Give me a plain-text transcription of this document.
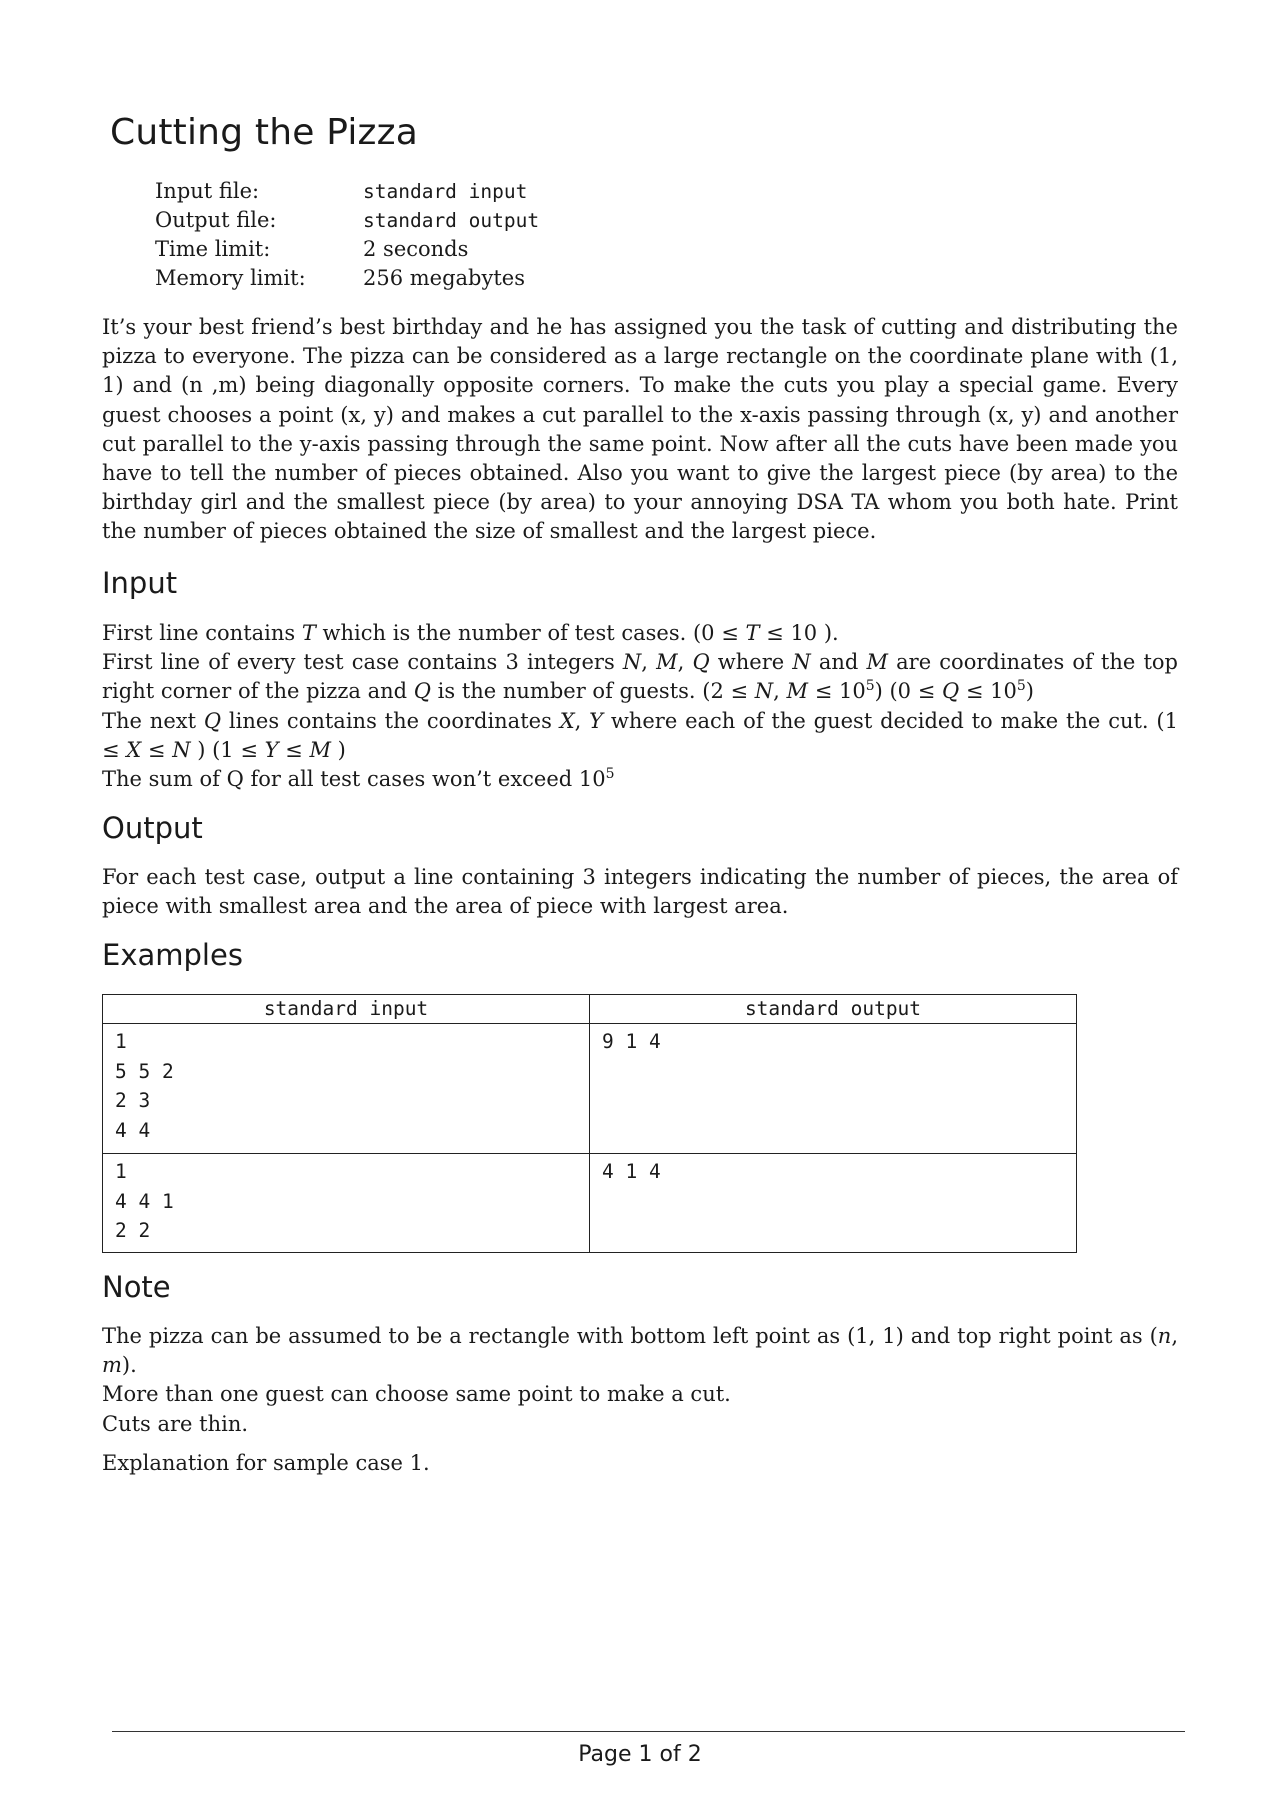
Cutting the Pizza
Input file:	standard input
Output file:	standard output
Time limit:	2 seconds
Memory limit:	256 megabytes

It’s your best friend’s best birthday and he has assigned you the task of cutting and distributing the pizza to everyone. The pizza can be considered as a large rectangle on the coordinate plane with (1, 1) and (n ,m) being diagonally opposite corners. To make the cuts you play a special game. Every guest chooses a point (x, y) and makes a cut parallel to the x-axis passing through (x, y) and another cut parallel to the y-axis passing through the same point. Now after all the cuts have been made you have to tell the number of pieces obtained. Also you want to give the largest piece (by area) to the birthday girl and the smallest piece (by area) to your annoying DSA TA whom you both hate. Print the number of pieces obtained the size of smallest and the largest piece.

Input
First line contains T which is the number of test cases. (0 ≤ T ≤ 10 ).
First line of every test case contains 3 integers N, M, Q where N and M are coordinates of the top right corner of the pizza and Q is the number of guests. (2 ≤ N, $M \le 10^5$) $(0 \le Q \le 10^5)$
The next Q lines contains the coordinates X, Y where each of the guest decided to make the cut. (1 ≤ X ≤ N ) (1 ≤ Y ≤ M )
The sum of Q for all test cases won’t exceed $10^5$
Output

For each test case, output a line containing 3 integers indicating the number of pieces, the area of piece with smallest area and the area of piece with largest area.

Examples
standard input	standard output

1
5 5 2
2 3
4 4	9 1 4

1
4 4 1
2 2	4 1 4
Note

The pizza can be assumed to be a rectangle with bottom left point as (1, 1) and top right point as (n, m).

More than one guest can choose same point to make a cut.
Cuts are thin.

Explanation for sample case 1.

Page 1 of 2
